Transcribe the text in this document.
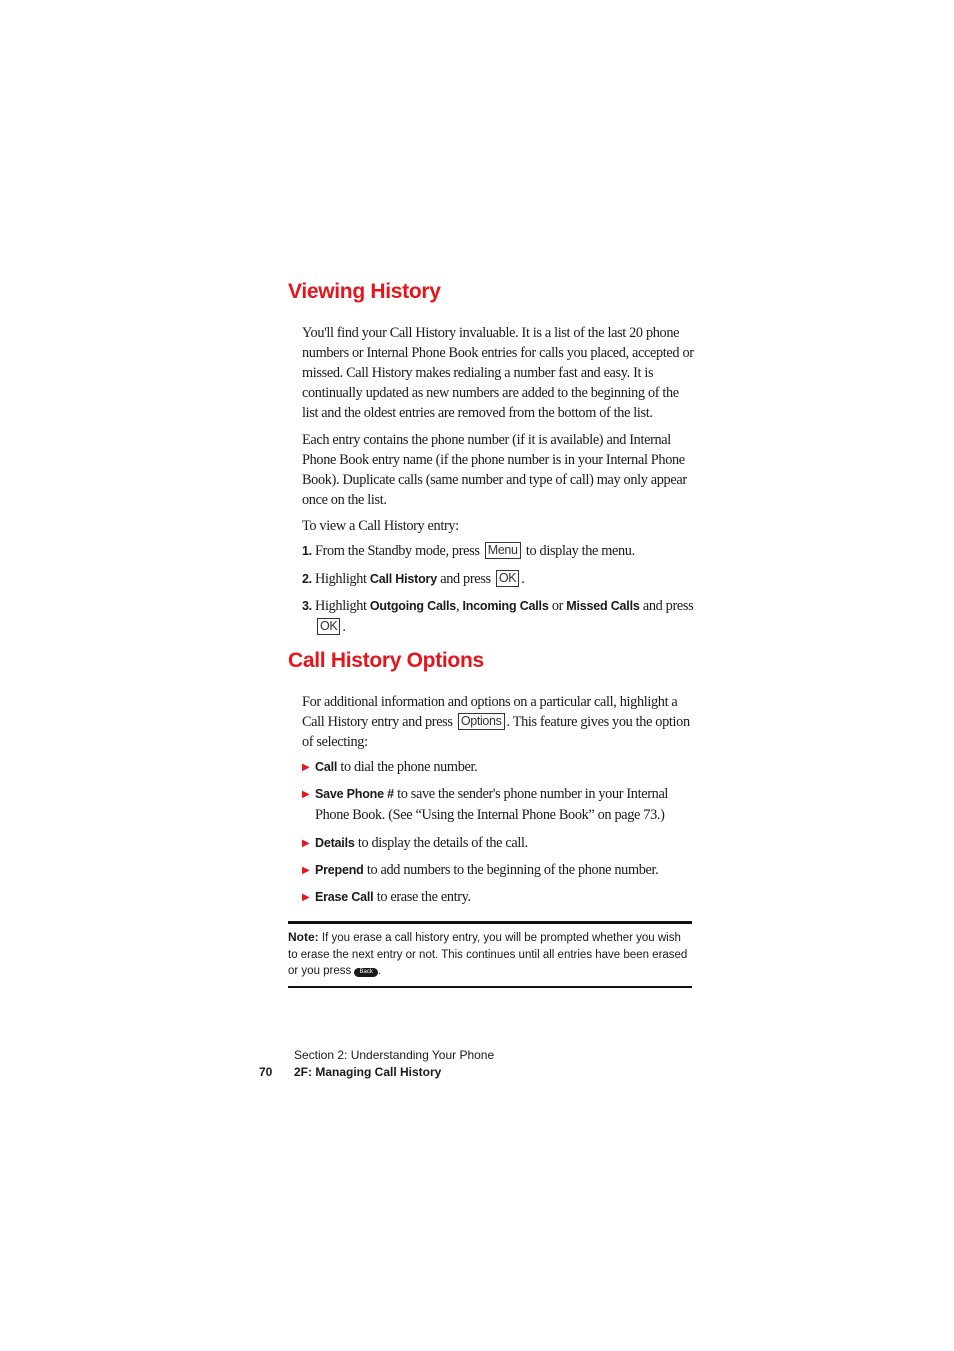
Viewing History

You'll find your Call History invaluable. It is a list of the last 20 phone numbers or Internal Phone Book entries for calls you placed, accepted or missed. Call History makes redialing a number fast and easy. It is continually updated as new numbers are added to the beginning of the list and the oldest entries are removed from the bottom of the list.

Each entry contains the phone number (if it is available) and Internal Phone Book entry name (if the phone number is in your Internal Phone Book). Duplicate calls (same number and type of call) may only appear once on the list.

To view a Call History entry:

1. From the Standby mode, press Menu to display the menu.
2. Highlight Call History and press OK .
3. Highlight Outgoing Calls, Incoming Calls or Missed Calls and press OK .
Call History Options

For additional information and options on a particular call, highlight a Call History entry and press Options . This feature gives you the option of selecting:

▶ Call to dial the phone number.
▶ Save Phone # to save the sender's phone number in your Internal Phone Book. (See “Using the Internal Phone Book” on page 73.)
▶ Details to display the details of the call.
▶ Prepend to add numbers to the beginning of the phone number.
▶ Erase Call to erase the entry.

Note: If you erase a call history entry, you will be prompted whether you wish to erase the next entry or not. This continues until all entries have been erased or you press Back .

Section 2: Understanding Your Phone
70 2F: Managing Call History
